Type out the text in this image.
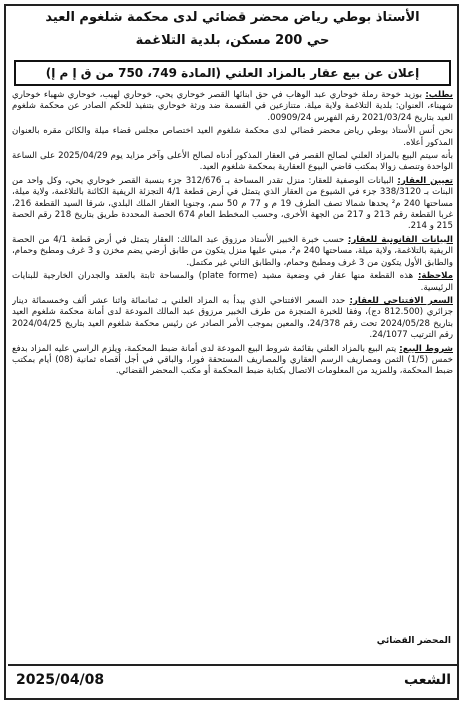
الأستاذ بوطي رياض محضر قضائي لدى محكمة شلغوم العيد
حي 200 مسكن، بلدية التلاغمة
إعلان عن بيع عقار بالمزاد العلني (المادة 749، 750 من ق إ م إ)

بطلب: بوزيد خوحة رملة خوحاري عبد الوهاب في حق أبنائها القصر خوحاري يحي، خوحاري لهيب، خوحاري شهباء خوحاري شهيناء، العنوان: بلدية التلاغمة ولاية ميلة. متنازعين في القسمة ضد ورثة خوحاري بتنفيذ للحكم الصادر عن محكمة شلغوم العيد بتاريخ 2021/03/24 رقم الفهرس 00909/24.

نحن أنس الأستاذ بوطي رياض محضر قضائي لدى محكمة شلغوم العيد اختصاص مجلس قضاء ميلة والكائن مقره بالعنوان المذكور أعلاه.

بأنه سيتم البيع بالمزاد العلني لصالح القصر في العقار المذكور أدناه لصالح الأعلى وآخر مزايد يوم 2025/04/29 على الساعة الواحدة وتنصف زوالا بمكتب قاضي البيوع العقارية بمحكمة شلغوم العيد.

تعيين العقار: البيانات الوصفية للعقار: منزل تقدر المساحة بـ 312/676 جزء بنسبة القصر خوحاري يحي، وكل واحد من البنات بـ 338/3120 جزء في الشيوع من العقار الذي يتمثل في أرض قطعة 4/1 التجزئة الريفية الكائنة بالتلاغمة، ولاية ميلة، مساحتها 240 م² يحدها شمالا تصف الطرف 19 م و 77 م 50 سم، وجنوبا العقار الملك البلدي، شرقا السيد القطعة 216، غربا القطعة رقم 213 و 217 من الجهة الأخرى، وحسب المخطط العام 674 الحصة المحددة طريق بتاريخ 218 رقم الحصة 215 و 214.

البيانات القانونية للعقار: حسب خبرة الخبير الأستاذ مرزوق عبد المالك: العقار يتمثل في أرض قطعة 4/1 من الحصة الريفية بالتلاغمة، ولاية ميلة، مساحتها 240 م²، مبني عليها منزل يتكون من طابق أرضي يضم مخزن و 3 غرف ومطبخ وحمام، والطابق الأول يتكون من 3 غرف ومطبخ وحمام، والطابق الثاني غير مكتمل.

ملاحظة: هذه القطعة منها عقار في وضعية مشيد (plate forme) والمساحة ثابتة بالعقد والجدران الخارجية للبنايات الرئيسية.

السعر الافتتاحي للعقار: حدد السعر الافتتاحي الذي يبدأ به المزاد العلني بـ ثمانمائة واثنا عشر ألف وخمسمائة دينار جزائري (812.500 دج)، وفقا للخبرة المنجزة من طرف الخبير مرزوق عبد المالك المودعة لدى أمانة محكمة شلغوم العيد بتاريخ 2024/05/28 تحت رقم 24/378، والمعين بموجب الأمر الصادر عن رئيس محكمة شلغوم العيد بتاريخ 2024/04/25 رقم الترتيب 24/1077.

شروط البيع: يتم البيع بالمزاد العلني بقائمة شروط البيع المودعة لدى أمانة ضبط المحكمة، ويلزم الراسي عليه المزاد بدفع خمس (1/5) الثمن ومصاريف الرسم العقاري والمصاريف المستحقة فورا، والباقي في أجل أقصاه ثمانية (08) أيام بمكتب ضبط المحكمة، وللمزيد من المعلومات الاتصال بكتابة ضبط المحكمة أو مكتب المحضر القضائي.

المحضر القضائي
الشعب
2025/04/08
